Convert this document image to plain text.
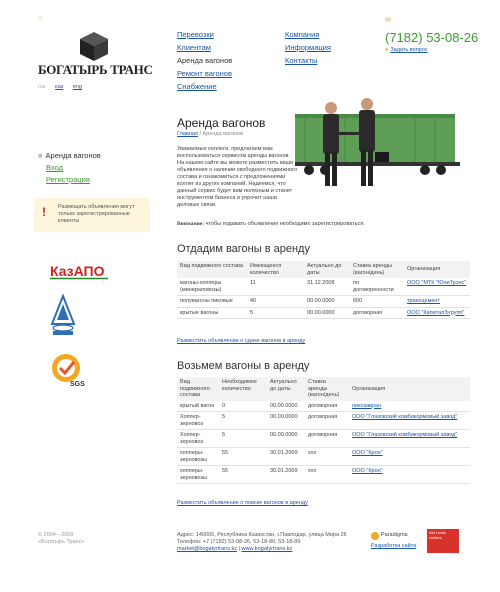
⌂
БОГАТЫРЬ ТРАНС
rus каз eng
Перевозки
Клиентам
Аренда вагонов
Ремонт вагонов
Снабжение
Компания
Информация
Контакты
✉
(7182) 53-08-26
● Задать вопрос
■ Аренда вагонов
Вход
Регистрация
! Размещать объявления могут только зарегистрированные клиенты
КазАПО
SGS
Аренда вагонов
Главная / Аренда вагонов
Уважаемые коллеги, предлагаем вам воспользоваться сервисом аренды вагонов. На нашем сайте вы можете разместить ваши объявления о наличии свободного подвижного состава и ознакомиться с предложениями коллег из других компаний. Надеемся, что данный сервис будет вам полезным и станет инструментом бизнеса и упрочит наши деловые связи.
Внимание: чтобы подавать объявления необходимо зарегистрироваться.
Отдадим вагоны в аренду
Вид подвижного состава	Имеющееся количество	Актуально до даты	Ставка аренды (вагон/день)	Организация
вагоны-хопперы (минераловозы)	11	31.12.2008	по договоренности	ООО "МТК "ЮниТрэнс"
полувагоны пиковые	40	00.00.0000	600	трансцемент
крытые вагоны	5	00.00.0000	договорная	ООО "КапиталЪгрупп"
Разместить объявление о сдаче вагонов в аренду
Возьмем вагоны в аренду
Вид подвижного состава	Необходимое количество	Актуально до даты	Ставка аренды (вагон/день)	Организация
крытый вагон	0	00.00.0000	договорная	никозавран
Хоппер-зерновоз	5	00.00.0000	договорная	ООО "Глазовский комбикормовый завод"
Хоппер-зерновоз	5	00.00.0000	договорная	ООО "Глазовский комбикормовый завод"
хопперы-зерновозы	55	30.01.2009	xxx	ООО "Крон"
хопперы-зерновозы	55	30.01.2009	xxx	ООО "Крон"
Разместить объявление о поиске вагонов в аренду
© 2004—2009
«Богатырь Транс»
Адрес: 140005, Республика Казахстан, г.Павлодар, улица Мира 26
Телефон: +7 (7182) 53-08-26, 53-18-80, 53-18-89
market@bogatyrtrans.kz | www.bogatyrtrans.kz
Paradigma
Разработка сайта
hits hosts visitors
